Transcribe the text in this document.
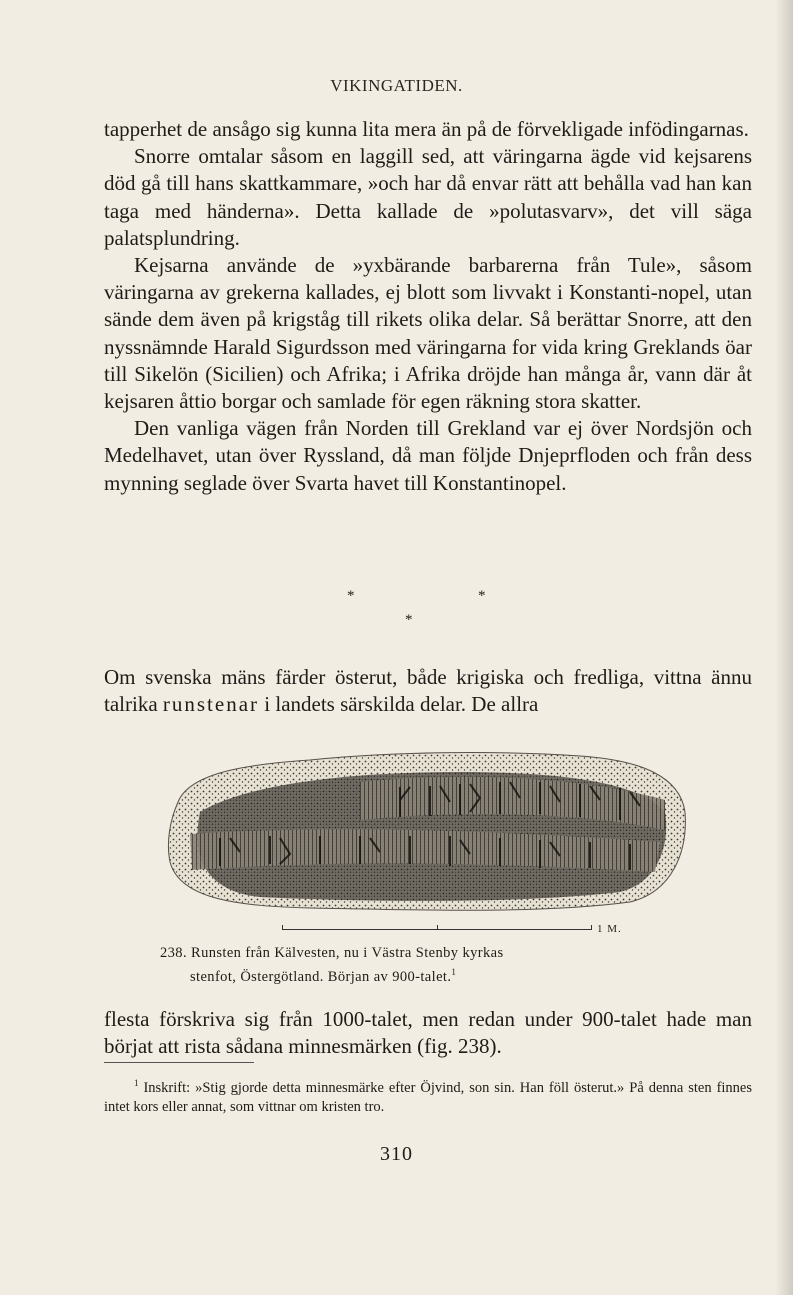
VIKINGATIDEN.

tapperhet de ansågo sig kunna lita mera än på de förvekligade infödingarnas.

Snorre omtalar såsom en laggill sed, att väringarna ägde vid kejsarens död gå till hans skattkammare, »och har då envar rätt att behålla vad han kan taga med händerna». Detta kallade de »polutasvarv», det vill säga palatsplundring.

Kejsarna använde de »yxbärande barbarerna från Tule», såsom väringarna av grekerna kallades, ej blott som livvakt i Konstanti-nopel, utan sände dem även på krigståg till rikets olika delar. Så berättar Snorre, att den nyssnämnde Harald Sigurdsson med väringarna for vida kring Greklands öar till Sikelön (Sicilien) och Afrika; i Afrika dröjde han många år, vann där åt kejsaren åttio borgar och samlade för egen räkning stora skatter.

Den vanliga vägen från Norden till Grekland var ej över Nordsjön och Medelhavet, utan över Ryssland, då man följde Dnjeprfloden och från dess mynning seglade över Svarta havet till Konstantinopel.

*	*
*

Om svenska mäns färder österut, både krigiska och fredliga, vittna ännu talrika runstenar i landets särskilda delar. De allra

1 M.
238. Runsten från Kälvesten, nu i Västra Stenby kyrkas
stenfot, Östergötland. Början av 900-talet.$^1$

flesta förskriva sig från 1000-talet, men redan under 900-talet hade man börjat att rista sådana minnesmärken (fig. 238).

$^1$ Inskrift: »Stig gjorde detta minnesmärke efter Öjvind, son sin. Han föll österut.» På denna sten finnes intet kors eller annat, som vittnar om kristen tro.

310
